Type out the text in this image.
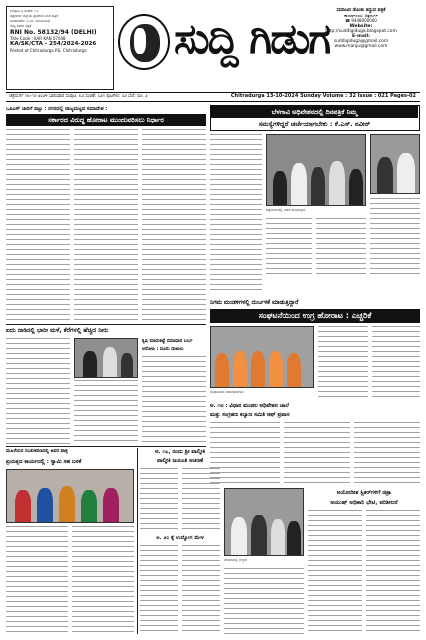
ಸಂಪುಟ: ೮ ಸಂಚಿಕೆ: ೦೨
ಚಿತ್ರದುರ್ಗ ಜಿಲ್ಲೆಯ ಪ್ರಾದೇಶಿಕ ವಾರ ಪತ್ರಿಕೆ
ಸಂಪಾದಕರು: ಸಿ.ಎಂ. ಮಂಜುನಾಥ
ಸುದ್ದಿ ಗಿಡುಗ ಪತ್ರಿಕೆ
RNI No. 58132/94 (DELHI)
Title Code : KAR KAN 07048
KA/SK/CTA - 254/2024-2026
Posted at Chitradurga RS, Chitradurga	ಸುದ್ದಿ ಗಿಡುಗ
ಸಮಾಜದ ಡೊಂಕು ತಿದ್ದುವ ಪತ್ರಿಕೆ
ಕಾರ್ಯಾಲಯ: ಚಿತ್ರದುರ್ಗ
☎ 9448000000
Website:
http://suddigiduga.blogspot.com
E-mail:
suddigiduga@gmail.com
www.manju@gmail.com
ಚಿತ್ರದುರ್ಗ ೧೩-೧೦-೨೦೨೪ ಭಾನುವಾರ ಸಂಪುಟ: ೩೨ ಸಂಚಿಕೆ: ೦೨೧ ಪುಟಗಳು: ೦೨ ಬೆಲೆ: ರೂ. ೨	Chitradurga 13-10-2024 Sunday Volume : 32 Issue : 021 Pages-02
ಒಪಿಎಸ್ ಜಾರಿಗೆ ಪಟ್ಟು : ನಗರದಲ್ಲಿ ರಾಜ್ಯಮಟ್ಟದ ಸಮಾವೇಶ :
ಸರ್ಕಾರದ ವಿರುದ್ಧ ಹೋರಾಟ ಮುಂದುವರಿಸಲು ನಿರ್ಧಾರ
ಬೆಳಗಾವಿ ಅಧಿವೇಶನದಲ್ಲಿ ದಿನಪತ್ರಿಕೆ ನಿಮ್ಮ
ಸಮಸ್ಯೆಗಳಿದ್ದರೆ ಚರ್ಚೆಯಾಗಬೇಕು : ಕೆ.ಎಸ್. ನವೀನ್
ಚಿತ್ರದುರ್ಗದಲ್ಲಿ ನಡೆದ ಕಾರ್ಯಕ್ರಮ
ನಿಗಮ ಮಂಡಳಿಗಳಲ್ಲಿ ದುರ್ಬಳಕೆ ಮಾಡುತ್ತಿದ್ದಾರೆ
ಸಂಘಟನೆಯಿಂದ ಉಗ್ರ ಹೋರಾಟ : ಎಚ್ಚರಿಕೆ
ಐದು ನಾಡಿನಲ್ಲಿ ಭಾರೀ ಮಳೆ, ಕೆರೆಗಳಲ್ಲಿ ಹೆಚ್ಚಿದ ನೀರು
ಕೃಷಿ ಮಾರುಕಟ್ಟೆ ಸಮಾಧಾನ ಬರ್ಬ
ಆರೋಪಿ : ದೂರು ದಾಖಲು
ಸಂಘಟನೆಯ ಪದಾಧಿಕಾರಿಗಳು
ಅ. ೧೮ : ವಿಧಾನ ಮಂಡಲ ಅಧಿವೇಶನ ಚಾಲೆ
ಮತ್ತು ಸಂಗ್ರಹಣ ಕಲ್ಯಾಣ ಸಮಿತಿ ಆಫ್ ಪ್ರವಾಸ
ಮಹಿಳೆಯರ ಸಬಲೀಕರಣದಲ್ಲಿ ಅವರ ಪಾತ್ರ
ಪ್ರಯತ್ನದ ಕಾರ್ಯದಲ್ಲಿ : ಸ್ವಾಮಿ ಸಹ ಬಳಕೆ
ಅ. ೧೭, ರಂದು ಶ್ರೀ ವಾಲ್ಮೀಕಿ
ವಾಲ್ಮೀಕಿ ಜಯಂತಿ ಆಚರಣೆ
ಅ. ೨೦ ಕ್ಕೆ ಉದ್ಯೋಗ ಮೇಳ
ವೇದಿಕೆಯಲ್ಲಿ ಗಣ್ಯರು
ಅಯೋದೀಶ ಸ್ಟಿಕರ್‌ಗಳಿಗೆ ಚಿತ್ರಾ
ಆಯುಷ್ ಅಧಿಕಾರಿ ಭೇಟಿ, ಪರಿಶೀಲನೆ
